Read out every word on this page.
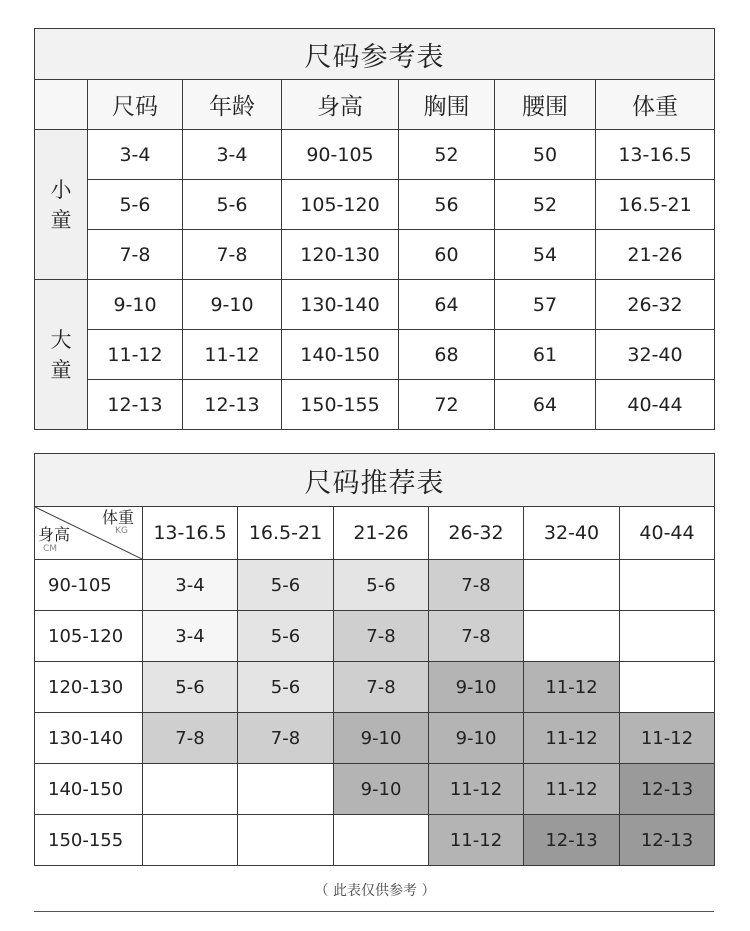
尺码参考表						
	尺码	年龄	身高	胸围	腰围	体重

小
童	3-4	3-4	90-105	52	50	13-16.5
	5-6	5-6	105-120	56	52	16.5-21
	7-8	7-8	120-130	60	54	21-26

大
童	9-10	9-10	130-140	64	57	26-32
	11-12	11-12	140-150	68	61	32-40
	12-13	12-13	150-155	72	64	40-44
尺码推荐表						

体重
KG
身高
CM	13-16.5	16.5-21	21-26	26-32	32-40	40-44
90-105	3-4	5-6	5-6	7-8		
105-120	3-4	5-6	7-8	7-8		
120-130	5-6	5-6	7-8	9-10	11-12	
130-140	7-8	7-8	9-10	9-10	11-12	11-12
140-150			9-10	11-12	11-12	12-13
150-155				11-12	12-13	12-13
（ 此表仅供参考 ）
